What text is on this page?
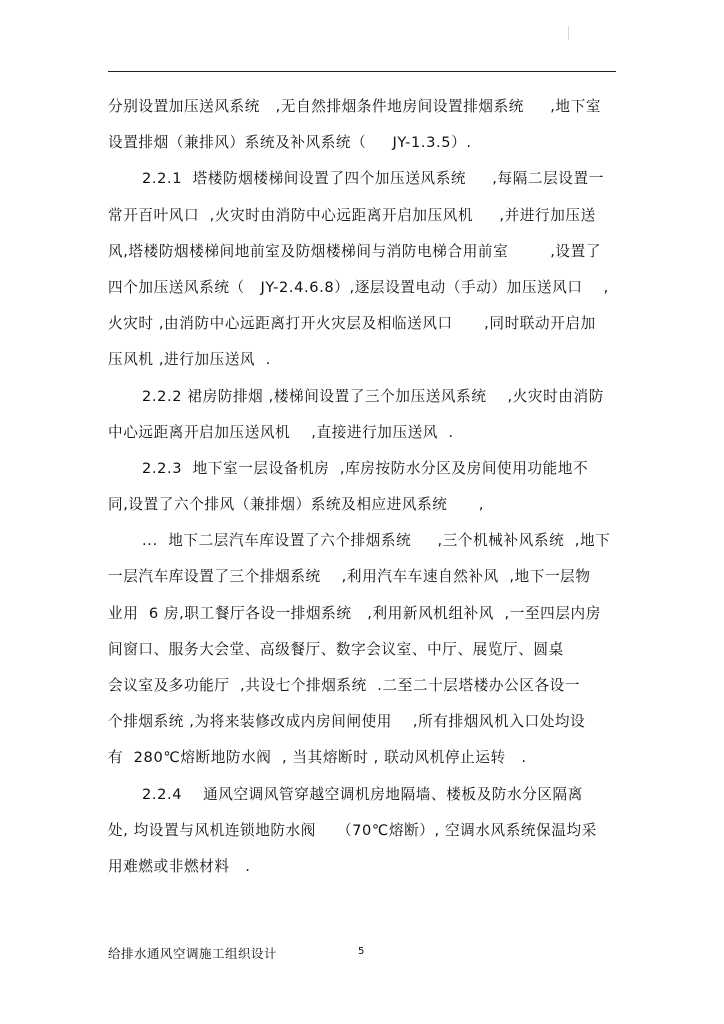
分别设置加压送风系统   ,无自然排烟条件地房间设置排烟系统     ,地下室
设置排烟（兼排风）系统及补风系统（     JY-1.3.5）.
2.2.1  塔楼防烟楼梯间设置了四个加压送风系统     ,每隔二层设置一
常开百叶风口  ,火灾时由消防中心远距离开启加压风机     ,并进行加压送
风,塔楼防烟楼梯间地前室及防烟楼梯间与消防电梯合用前室        ,设置了
四个加压送风系统（   JY-2.4.6.8）,逐层设置电动（手动）加压送风口    ,
火灾时 ,由消防中心远距离打开火灾层及相临送风口      ,同时联动开启加
压风机 ,进行加压送风  .
2.2.2 裙房防排烟 ,楼梯间设置了三个加压送风系统    ,火灾时由消防
中心远距离开启加压送风机    ,直接进行加压送风  .
2.2.3  地下室一层设备机房  ,库房按防水分区及房间使用功能地不
同,设置了六个排风（兼排烟）系统及相应进风系统      ,
...  地下二层汽车库设置了六个排烟系统     ,三个机械补风系统  ,地下
一层汽车库设置了三个排烟系统    ,利用汽车车速自然补风  ,地下一层物
业用  6 房,职工餐厅各设一排烟系统   ,利用新风机组补风  ,一至四层内房
间窗口、服务大会堂、高级餐厅、数字会议室、中厅、展览厅、圆桌
会议室及多功能厅  ,共设七个排烟系统  .二至二十层塔楼办公区各设一
个排烟系统 ,为将来装修改成内房间闸使用    ,所有排烟风机入口处均设
有  280℃熔断地防水阀  , 当其熔断时 , 联动风机停止运转   .
2.2.4    通风空调风管穿越空调机房地隔墙、楼板及防水分区隔离
处, 均设置与风机连锁地防水阀    （70℃熔断）, 空调水风系统保温均采
用难燃或非燃材料   .
给排水通风空调施工组织设计	5
